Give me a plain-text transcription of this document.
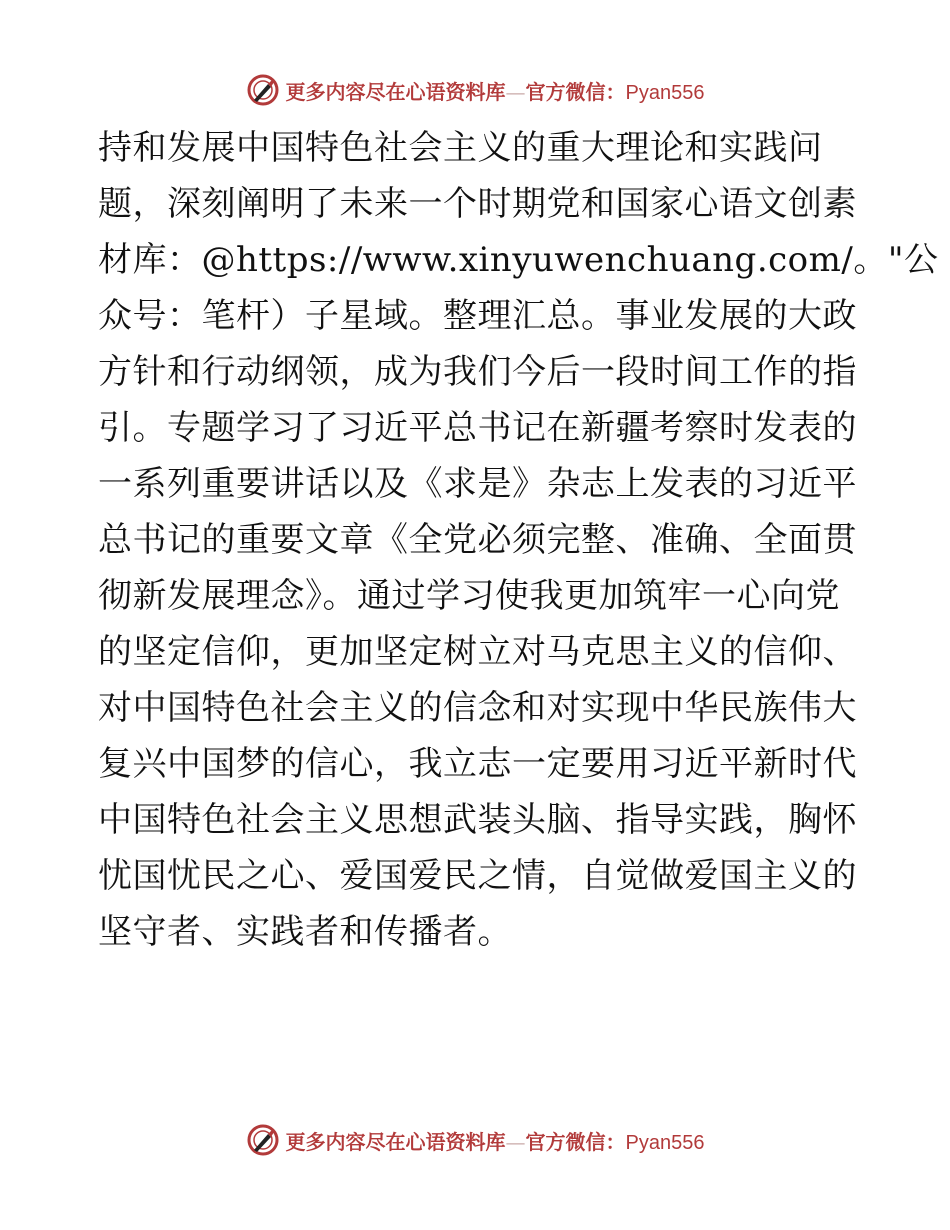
更多内容尽在心语资料库—官方微信：Pyan556
持和发展中国特色社会主义的重大理论和实践问
题，深刻阐明了未来一个时期党和国家心语文创素
材库：@https://www.xinyuwenchuang.com/。"公
众号：笔杆）子星域。整理汇总。事业发展的大政
方针和行动纲领，成为我们今后一段时间工作的指
引。专题学习了习近平总书记在新疆考察时发表的
一系列重要讲话以及《求是》杂志上发表的习近平
总书记的重要文章《全党必须完整、准确、全面贯
彻新发展理念》。通过学习使我更加筑牢一心向党
的坚定信仰，更加坚定树立对马克思主义的信仰、
对中国特色社会主义的信念和对实现中华民族伟大
复兴中国梦的信心，我立志一定要用习近平新时代
中国特色社会主义思想武装头脑、指导实践，胸怀
忧国忧民之心、爱国爱民之情，自觉做爱国主义的
坚守者、实践者和传播者。
更多内容尽在心语资料库—官方微信：Pyan556
